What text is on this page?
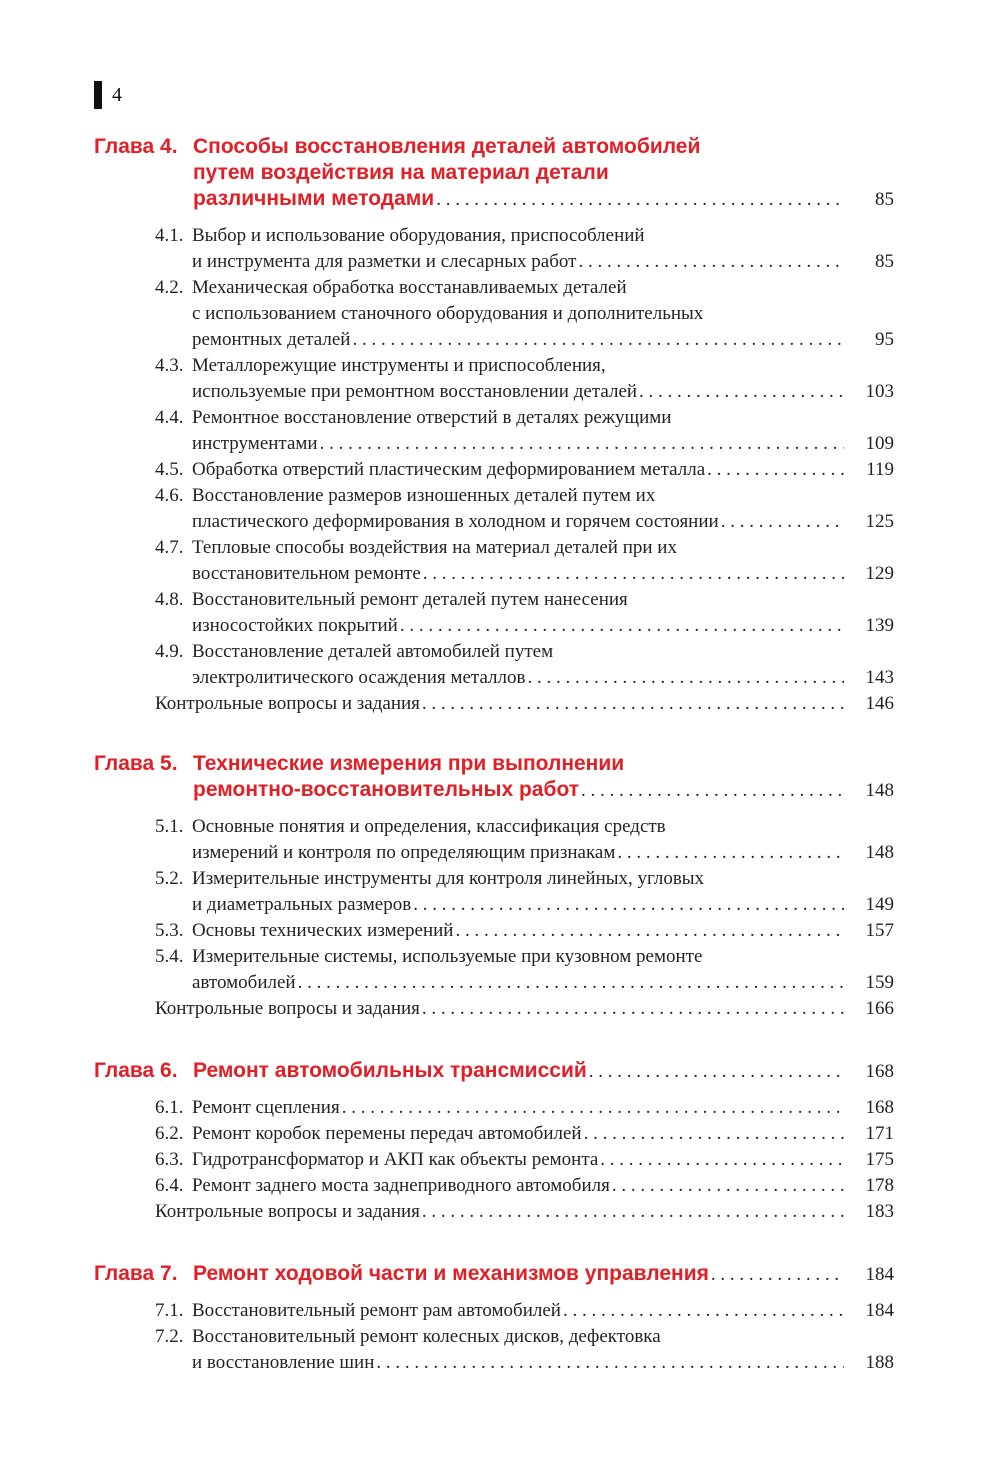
4
Глава 4. Способы восстановления деталей автомобилей
путем воздействия на материал детали
различными методами . . .	85
4.1. Выбор и использование оборудования, приспособлений
и инструмента для разметки и слесарных работ . . .	85
4.2. Механическая обработка восстанавливаемых деталей
с использованием станочного оборудования и дополнительных
ремонтных деталей . . .	95
4.3. Металлорежущие инструменты и приспособления,
используемые при ремонтном восстановлении деталей . . .	103
4.4. Ремонтное восстановление отверстий в деталях режущими
инструментами . . .	109
4.5. Обработка отверстий пластическим деформированием металла . . .	119
4.6. Восстановление размеров изношенных деталей путем их
пластического деформирования в холодном и горячем состоянии . . .	125
4.7. Тепловые способы воздействия на материал деталей при их
восстановительном ремонте . . .	129
4.8. Восстановительный ремонт деталей путем нанесения
износостойких покрытий . . .	139
4.9. Восстановление деталей автомобилей путем
электролитического осаждения металлов . . .	143
Контрольные вопросы и задания . . .	146
Глава 5. Технические измерения при выполнении
ремонтно-восстановительных работ . . .	148
5.1. Основные понятия и определения, классификация средств
измерений и контроля по определяющим признакам . . .	148
5.2. Измерительные инструменты для контроля линейных, угловых
и диаметральных размеров . . .	149
5.3. Основы технических измерений . . .	157
5.4. Измерительные системы, используемые при кузовном ремонте
автомобилей . . .	159
Контрольные вопросы и задания . . .	166
Глава 6. Ремонт автомобильных трансмиссий . . .	168
6.1. Ремонт сцепления . . .	168
6.2. Ремонт коробок перемены передач автомобилей . . .	171
6.3. Гидротрансформатор и АКП как объекты ремонта . . .	175
6.4. Ремонт заднего моста заднеприводного автомобиля . . .	178
Контрольные вопросы и задания . . .	183
Глава 7. Ремонт ходовой части и механизмов управления . . .	184
7.1. Восстановительный ремонт рам автомобилей . . .	184
7.2. Восстановительный ремонт колесных дисков, дефектовка
и восстановление шин . . .	188
